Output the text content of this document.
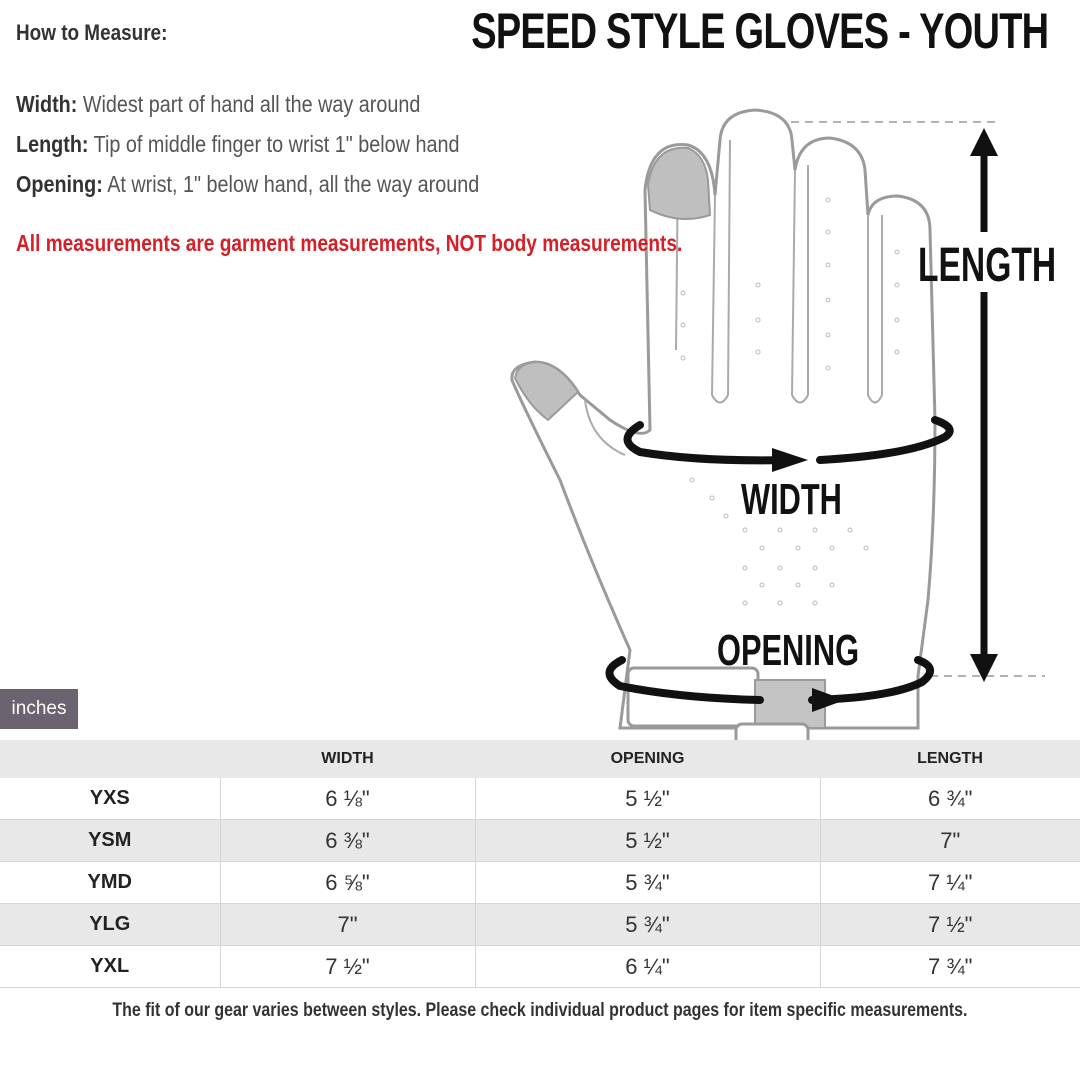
How to Measure:	SPEED STYLE GLOVES - YOUTH
Width: Widest part of hand all the way around
Length: Tip of middle finger to wrist 1" below hand
Opening: At wrist, 1" below hand, all the way around
All measurements are garment measurements, NOT body measurements.	LENGTH
WIDTH
OPENING
inches
	WIDTH	OPENING	LENGTH
YXS	6 ⅛"	5 ½"	6 ¾"
YSM	6 ⅜"	5 ½"	7"
YMD	6 ⅝"	5 ¾"	7 ¼"
YLG	7"	5 ¾"	7 ½"
YXL	7 ½"	6 ¼"	7 ¾"
The fit of our gear varies between styles. Please check individual product pages for item specific measurements.
